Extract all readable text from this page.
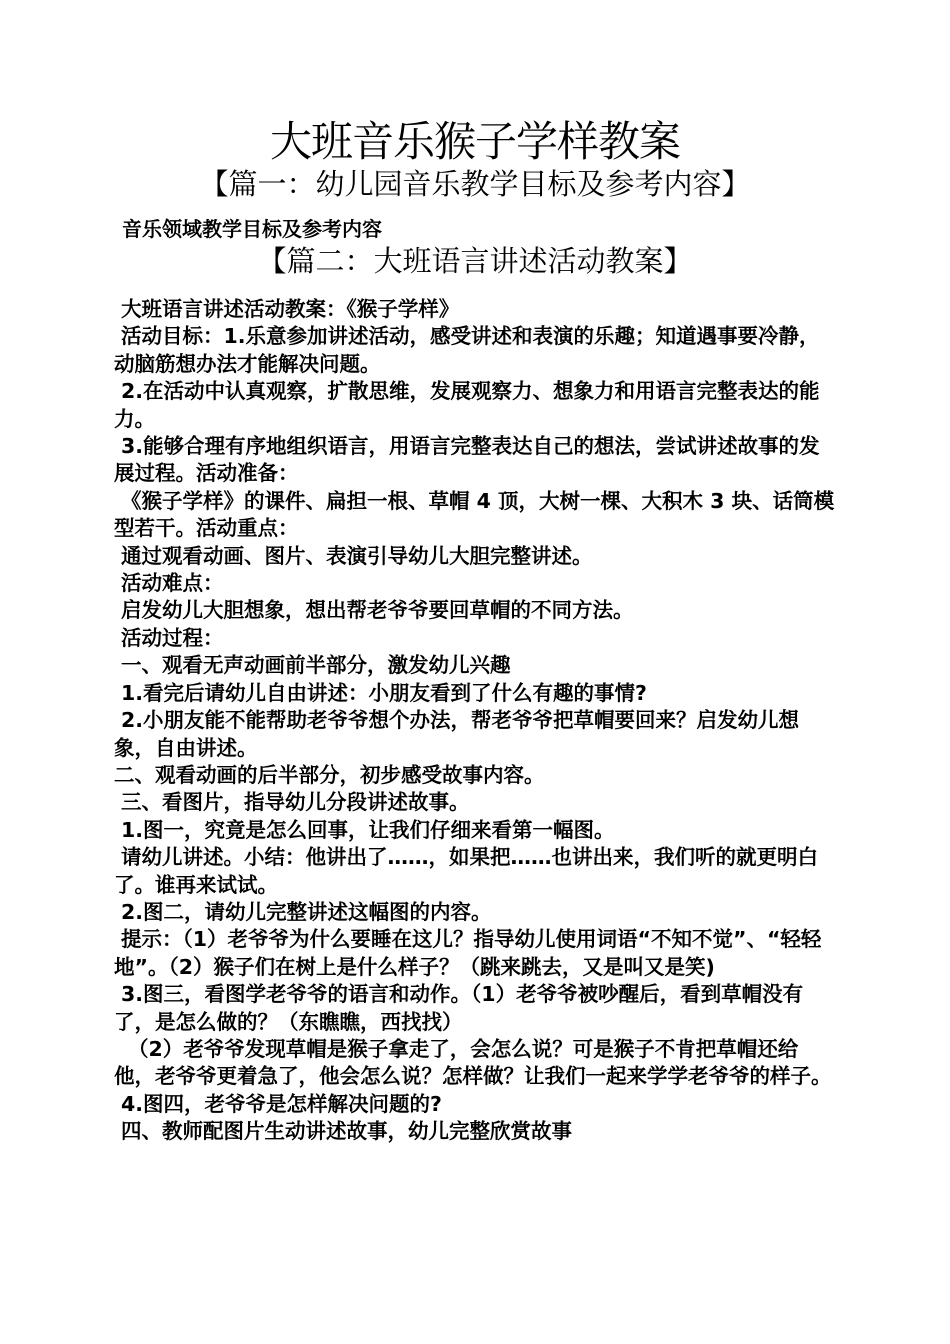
大班音乐猴子学样教案
【篇一：幼儿园音乐教学目标及参考内容】
音乐领域教学目标及参考内容
【篇二：大班语言讲述活动教案】

大班语言讲述活动教案：《猴子学样》

活动目标：1.乐意参加讲述活动，感受讲述和表演的乐趣；知道遇事要冷静，动脑筋想办法才能解决问题。

2.在活动中认真观察，扩散思维，发展观察力、想象力和用语言完整表达的能力。

3.能够合理有序地组织语言，用语言完整表达自己的想法，尝试讲述故事的发展过程。活动准备：

《猴子学样》的课件、扁担一根、草帽 4 顶，大树一棵、大积木 3 块、话筒模型若干。活动重点：

通过观看动画、图片、表演引导幼儿大胆完整讲述。

活动难点：

启发幼儿大胆想象，想出帮老爷爷要回草帽的不同方法。

活动过程：

一、观看无声动画前半部分，激发幼儿兴趣

1.看完后请幼儿自由讲述：小朋友看到了什么有趣的事情?

2.小朋友能不能帮助老爷爷想个办法，帮老爷爷把草帽要回来？启发幼儿想象，自由讲述。

二、观看动画的后半部分，初步感受故事内容。

三、看图片，指导幼儿分段讲述故事。

1.图一，究竟是怎么回事，让我们仔细来看第一幅图。

请幼儿讲述。小结：他讲出了……，如果把……也讲出来，我们听的就更明白了。谁再来试试。

2.图二，请幼儿完整讲述这幅图的内容。

提示：（1）老爷爷为什么要睡在这儿？指导幼儿使用词语“不知不觉”、“轻轻地”。（2）猴子们在树上是什么样子？（跳来跳去，又是叫又是笑)

3.图三，看图学老爷爷的语言和动作。（1）老爷爷被吵醒后，看到草帽没有了，是怎么做的？（东瞧瞧，西找找）

（2）老爷爷发现草帽是猴子拿走了，会怎么说？可是猴子不肯把草帽还给他，老爷爷更着急了，他会怎么说？怎样做？让我们一起来学学老爷爷的样子。

4.图四，老爷爷是怎样解决问题的?

四、教师配图片生动讲述故事，幼儿完整欣赏故事
